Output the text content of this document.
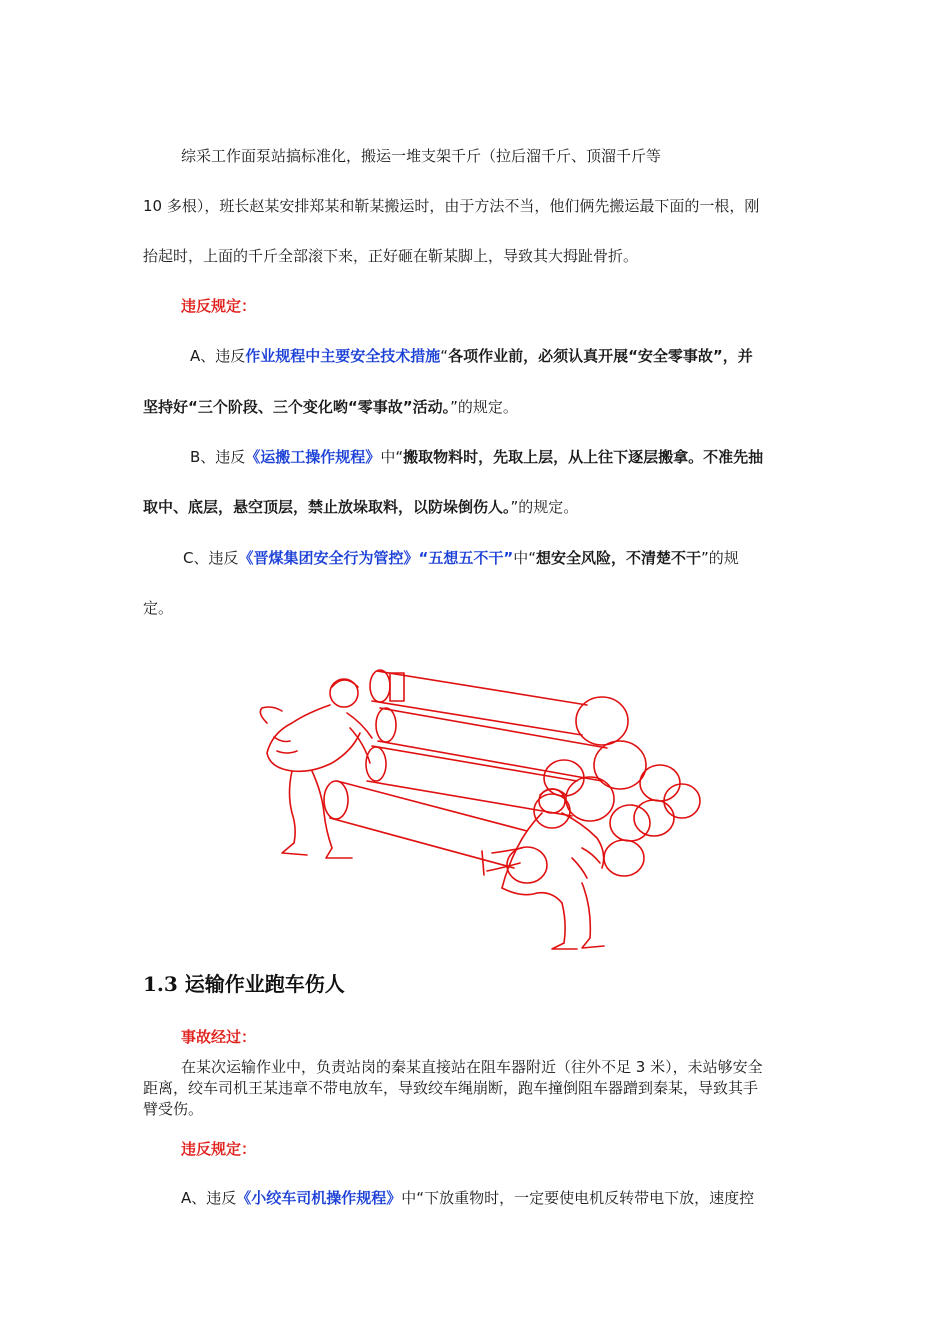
综采工作面泵站搞标准化，搬运一堆支架千斤（拉后溜千斤、顶溜千斤等
10 多根），班长赵某安排郑某和靳某搬运时，由于方法不当，他们俩先搬运最下面的一根，刚
抬起时，上面的千斤全部滚下来，正好砸在靳某脚上，导致其大拇趾骨折。
违反规定：
A、违反作业规程中主要安全技术措施“各项作业前，必须认真开展“安全零事故”，并
坚持好“三个阶段、三个变化哟“零事故”活动。”的规定。
B、违反《运搬工操作规程》中“搬取物料时，先取上层，从上往下逐层搬拿。不准先抽
取中、底层，悬空顶层，禁止放垛取料，以防垛倒伤人。”的规定。
C、违反《晋煤集团安全行为管控》“五想五不干”中“想安全风险，不清楚不干”的规
定。
1.3 运输作业跑车伤人
事故经过：
在某次运输作业中，负责站岗的秦某直接站在阻车器附近（往外不足 3 米），未站够安全
距离，绞车司机王某违章不带电放车，导致绞车绳崩断，跑车撞倒阻车器蹭到秦某，导致其手
臂受伤。
违反规定：
A、违反《小绞车司机操作规程》中“下放重物时，一定要使电机反转带电下放，速度控
